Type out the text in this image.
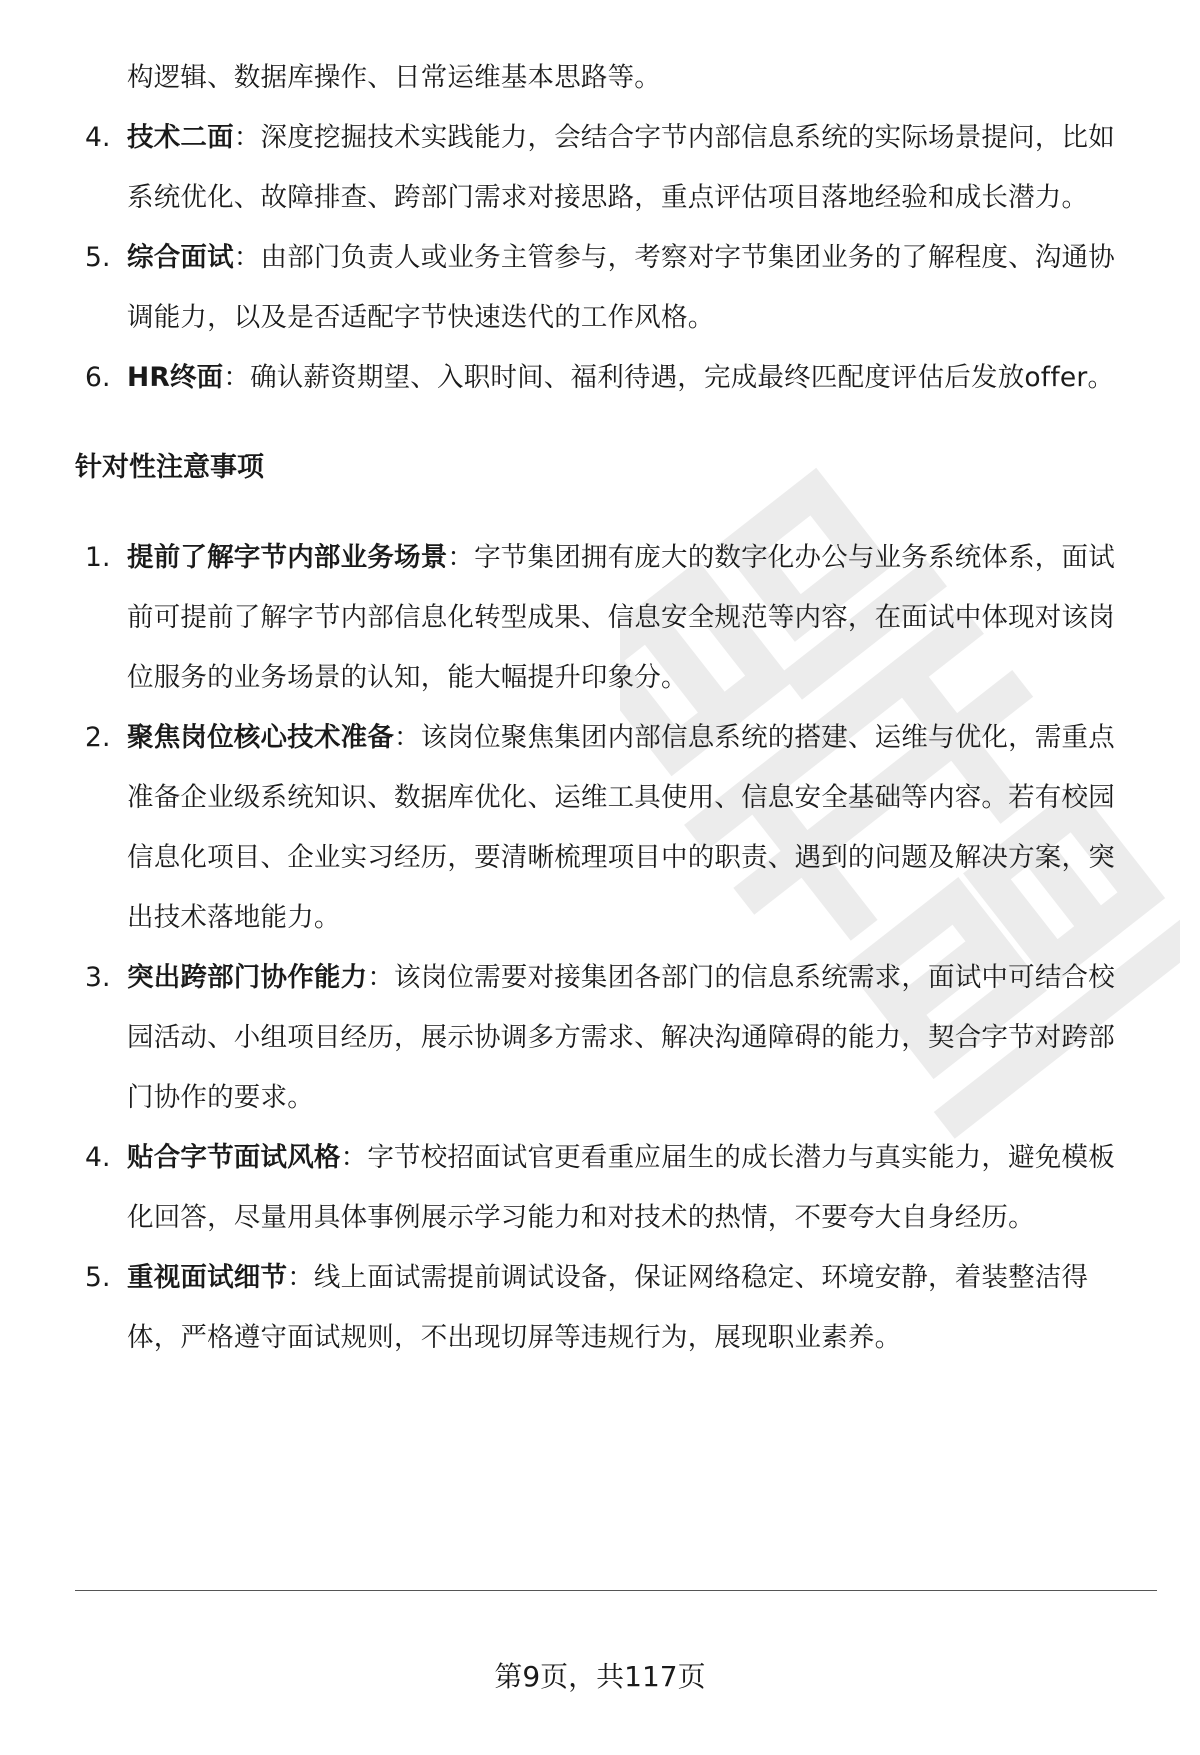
构逻辑、数据库操作、日常运维基本思路等。
4. 技术二面：深度挖掘技术实践能力，会结合字节内部信息系统的实际场景提问，比如系统优化、故障排查、跨部门需求对接思路，重点评估项目落地经验和成长潜力。
5. 综合面试：由部门负责人或业务主管参与，考察对字节集团业务的了解程度、沟通协调能力，以及是否适配字节快速迭代的工作风格。
6. HR终面：确认薪资期望、入职时间、福利待遇，完成最终匹配度评估后发放offer。
针对性注意事项
1. 提前了解字节内部业务场景：字节集团拥有庞大的数字化办公与业务系统体系，面试前可提前了解字节内部信息化转型成果、信息安全规范等内容，在面试中体现对该岗位服务的业务场景的认知，能大幅提升印象分。
2. 聚焦岗位核心技术准备：该岗位聚焦集团内部信息系统的搭建、运维与优化，需重点准备企业级系统知识、数据库优化、运维工具使用、信息安全基础等内容。若有校园信息化项目、企业实习经历，要清晰梳理项目中的职责、遇到的问题及解决方案，突出技术落地能力。
3. 突出跨部门协作能力：该岗位需要对接集团各部门的信息系统需求，面试中可结合校园活动、小组项目经历，展示协调多方需求、解决沟通障碍的能力，契合字节对跨部门协作的要求。
4. 贴合字节面试风格：字节校招面试官更看重应届生的成长潜力与真实能力，避免模板化回答，尽量用具体事例展示学习能力和对技术的热情，不要夸大自身经历。
5. 重视面试细节：线上面试需提前调试设备，保证网络稳定、环境安静，着装整洁得体，严格遵守面试规则，不出现切屏等违规行为，展现职业素养。
第9页，共117页
